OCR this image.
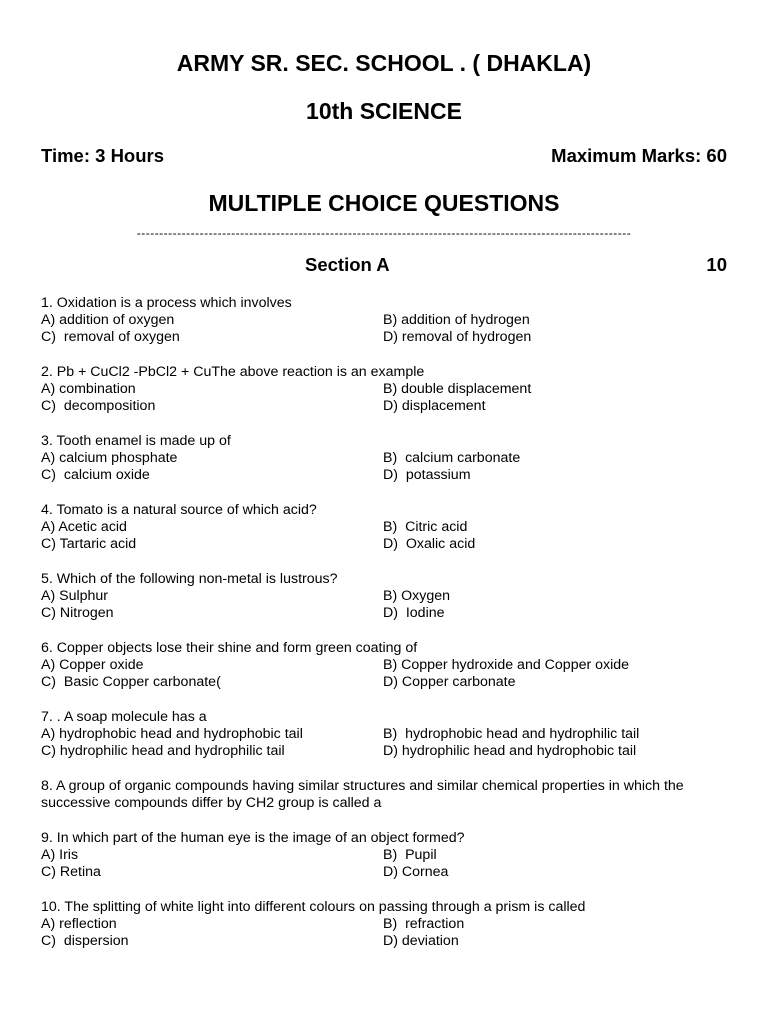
ARMY SR. SEC. SCHOOL . ( DHAKLA)
10th SCIENCE
Time: 3 Hours	Maximum Marks: 60
MULTIPLE CHOICE QUESTIONS
--------------------------------------------------------------------------------------------------------------
Section A	10
1. Oxidation is a process which involves
A) addition of oxygen	B) addition of hydrogen
C)  removal of oxygen	D) removal of hydrogen
2. Pb + CuCl2 -PbCl2 + CuThe above reaction is an example
A) combination	B) double displacement
C)  decomposition	D) displacement
3. Tooth enamel is made up of
A) calcium phosphate	B)  calcium carbonate
C)  calcium oxide	D)  potassium
4. Tomato is a natural source of which acid?
A) Acetic acid	B)  Citric acid
C) Tartaric acid	D)  Oxalic acid
5. Which of the following non-metal is lustrous?
A) Sulphur	B) Oxygen
C) Nitrogen	D)  Iodine
6. Copper objects lose their shine and form green coating of
A) Copper oxide	B) Copper hydroxide and Copper oxide
C)  Basic Copper carbonate(	D) Copper carbonate
7. . A soap molecule has a
A) hydrophobic head and hydrophobic tail	B)  hydrophobic head and hydrophilic tail
C) hydrophilic head and hydrophilic tail	D) hydrophilic head and hydrophobic tail
8. A group of organic compounds having similar structures and similar chemical properties in which the successive compounds differ by CH2 group is called a
9. In which part of the human eye is the image of an object formed?
A) Iris	B)  Pupil
C) Retina	D) Cornea
10. The splitting of white light into different colours on passing through a prism is called
A) reflection	B)  refraction
C)  dispersion	D) deviation
